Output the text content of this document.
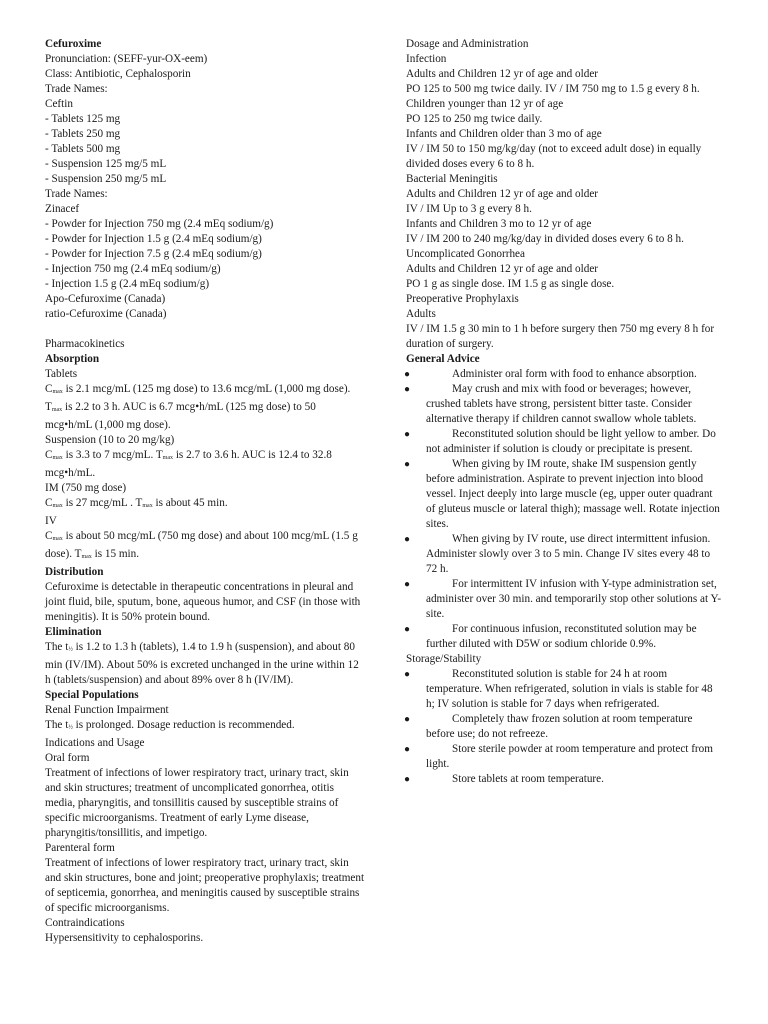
Cefuroxime
Pronunciation: (SEFF-yur-OX-eem)
Class: Antibiotic, Cephalosporin
Trade Names:
Ceftin
- Tablets 125 mg
- Tablets 250 mg
- Tablets 500 mg
- Suspension 125 mg/5 mL
- Suspension 250 mg/5 mL
Trade Names:
Zinacef
- Powder for Injection 750 mg (2.4 mEq sodium/g)
- Powder for Injection 1.5 g (2.4 mEq sodium/g)
- Powder for Injection 7.5 g (2.4 mEq sodium/g)
- Injection 750 mg (2.4 mEq sodium/g)
- Injection 1.5 g (2.4 mEq sodium/g)
Apo-Cefuroxime (Canada)
ratio-Cefuroxime (Canada)
Pharmacokinetics
Absorption
Tablets
Cmax is 2.1 mcg/mL (125 mg dose) to 13.6 mcg/mL (1,000 mg dose). Tmax is 2.2 to 3 h. AUC is 6.7 mcg•h/mL (125 mg dose) to 50 mcg•h/mL (1,000 mg dose).
Suspension (10 to 20 mg/kg)
Cmax is 3.3 to 7 mcg/mL. Tmax is 2.7 to 3.6 h. AUC is 12.4 to 32.8 mcg•h/mL.
IM (750 mg dose)
Cmax is 27 mcg/mL . Tmax is about 45 min.
IV
Cmax is about 50 mcg/mL (750 mg dose) and about 100 mcg/mL (1.5 g dose). Tmax is 15 min.
Distribution
Cefuroxime is detectable in therapeutic concentrations in pleural and joint fluid, bile, sputum, bone, aqueous humor, and CSF (in those with meningitis). It is 50% protein bound.
Elimination
The t½ is 1.2 to 1.3 h (tablets), 1.4 to 1.9 h (suspension), and about 80 min (IV/IM). About 50% is excreted unchanged in the urine within 12 h (tablets/suspension) and about 89% over 8 h (IV/IM).
Special Populations
Renal Function Impairment
The t½ is prolonged. Dosage reduction is recommended.
Indications and Usage
Oral form
Treatment of infections of lower respiratory tract, urinary tract, skin and skin structures; treatment of uncomplicated gonorrhea, otitis media, pharyngitis, and tonsillitis caused by susceptible strains of specific microorganisms. Treatment of early Lyme disease, pharyngitis/tonsillitis, and impetigo.
Parenteral form
Treatment of infections of lower respiratory tract, urinary tract, skin and skin structures, bone and joint; preoperative prophylaxis; treatment of septicemia, gonorrhea, and meningitis caused by susceptible strains of specific microorganisms.
Contraindications
Hypersensitivity to cephalosporins.
Dosage and Administration
Infection
Adults and Children 12 yr of age and older
PO 125 to 500 mg twice daily. IV / IM 750 mg to 1.5 g every 8 h.
Children younger than 12 yr of age
PO 125 to 250 mg twice daily.
Infants and Children older than 3 mo of age
IV / IM 50 to 150 mg/kg/day (not to exceed adult dose) in equally divided doses every 6 to 8 h.
Bacterial Meningitis
Adults and Children 12 yr of age and older
IV / IM Up to 3 g every 8 h.
Infants and Children 3 mo to 12 yr of age
IV / IM 200 to 240 mg/kg/day in divided doses every 6 to 8 h.
Uncomplicated Gonorrhea
Adults and Children 12 yr of age and older
PO 1 g as single dose. IM 1.5 g as single dose.
Preoperative Prophylaxis
Adults
IV / IM 1.5 g 30 min to 1 h before surgery then 750 mg every 8 h for duration of surgery.
General Advice
●	Administer oral form with food to enhance absorption.
●	May crush and mix with food or beverages; however, crushed tablets have strong, persistent bitter taste. Consider alternative therapy if children cannot swallow whole tablets.
●	Reconstituted solution should be light yellow to amber. Do not administer if solution is cloudy or precipitate is present.
●	When giving by IM route, shake IM suspension gently before administration. Aspirate to prevent injection into blood vessel. Inject deeply into large muscle (eg, upper outer quadrant of gluteus muscle or lateral thigh); massage well. Rotate injection sites.
●	When giving by IV route, use direct intermittent infusion. Administer slowly over 3 to 5 min. Change IV sites every 48 to 72 h.
●	For intermittent IV infusion with Y-type administration set, administer over 30 min. and temporarily stop other solutions at Y-site.
●	For continuous infusion, reconstituted solution may be further diluted with D5W or sodium chloride 0.9%.
Storage/Stability
●	Reconstituted solution is stable for 24 h at room temperature. When refrigerated, solution in vials is stable for 48 h; IV solution is stable for 7 days when refrigerated.
●	Completely thaw frozen solution at room temperature before use; do not refreeze.
●	Store sterile powder at room temperature and protect from light.
●	Store tablets at room temperature.
